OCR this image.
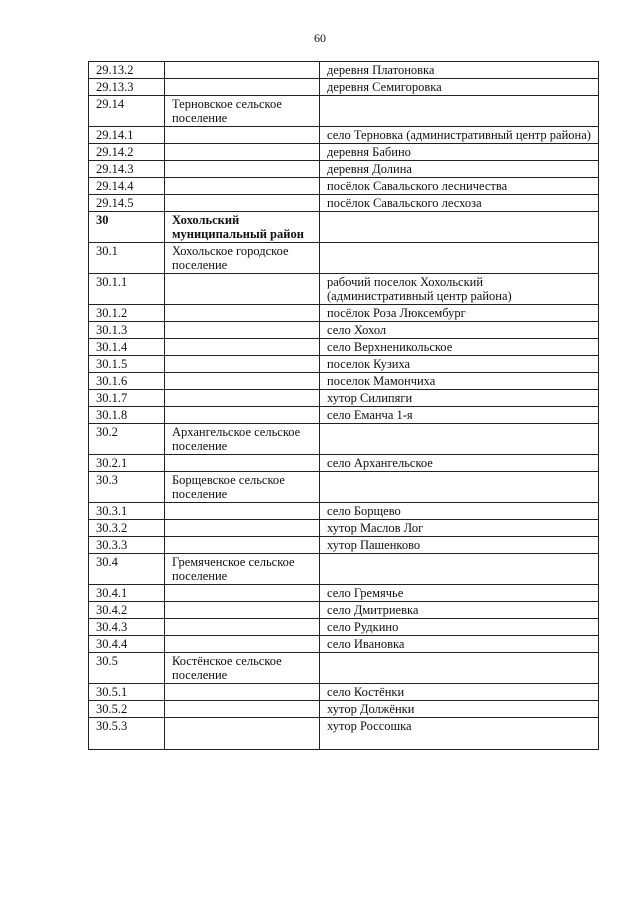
60
29.13.2		деревня Платоновка
29.13.3		деревня Семигоровка
29.14	Терновское сельское поселение	
29.14.1		село Терновка (административный центр района)
29.14.2		деревня Бабино
29.14.3		деревня Долина
29.14.4		посёлок Савальского лесничества
29.14.5		посёлок Савальского лесхоза
30	Хохольский муниципальный район	
30.1	Хохольское городское поселение	
30.1.1		рабочий поселок Хохольский (административный центр района)
30.1.2		посёлок Роза Люксембург
30.1.3		село Хохол
30.1.4		село Верхненикольское
30.1.5		поселок Кузиха
30.1.6		поселок Мамончиха
30.1.7		хутор Силипяги
30.1.8		село Еманча 1-я
30.2	Архангельское сельское поселение	
30.2.1		село Архангельское
30.3	Борщевское сельское поселение	
30.3.1		село Борщево
30.3.2		хутор Маслов Лог
30.3.3		хутор Пашенково
30.4	Гремяченское сельское поселение	
30.4.1		село Гремячье
30.4.2		село Дмитриевка
30.4.3		село Рудкино
30.4.4		село Ивановка
30.5	Костёнское сельское поселение	
30.5.1		село Костёнки
30.5.2		хутор Должёнки
30.5.3		хутор Россошка
